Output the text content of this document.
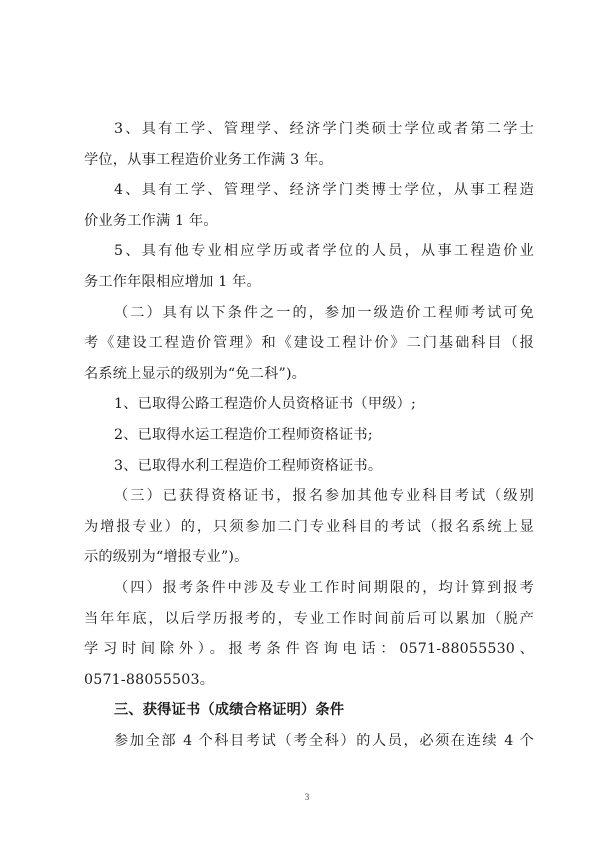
3、具有工学、管理学、经济学门类硕士学位或者第二学士
学位，从事工程造价业务工作满 3 年。
4、具有工学、管理学、经济学门类博士学位，从事工程造
价业务工作满 1 年。
5、具有他专业相应学历或者学位的人员，从事工程造价业
务工作年限相应增加 1 年。
（二）具有以下条件之一的，参加一级造价工程师考试可免
考《建设工程造价管理》和《建设工程计价》二门基础科目（报
名系统上显示的级别为“免二科”)。
1、已取得公路工程造价人员资格证书（甲级）;
2、已取得水运工程造价工程师资格证书;
3、已取得水利工程造价工程师资格证书。
（三）已获得资格证书，报名参加其他专业科目考试（级别
为增报专业）的，只须参加二门专业科目的考试（报名系统上显
示的级别为“增报专业”)。
（四）报考条件中涉及专业工作时间期限的，均计算到报考
当年年底，以后学历报考的，专业工作时间前后可以累加（脱产
学习时间除外）。报考条件咨询电话：0571-88055530、
0571-88055503。
三、获得证书（成绩合格证明）条件
参加全部 4 个科目考试（考全科）的人员，必须在连续 4 个
3
